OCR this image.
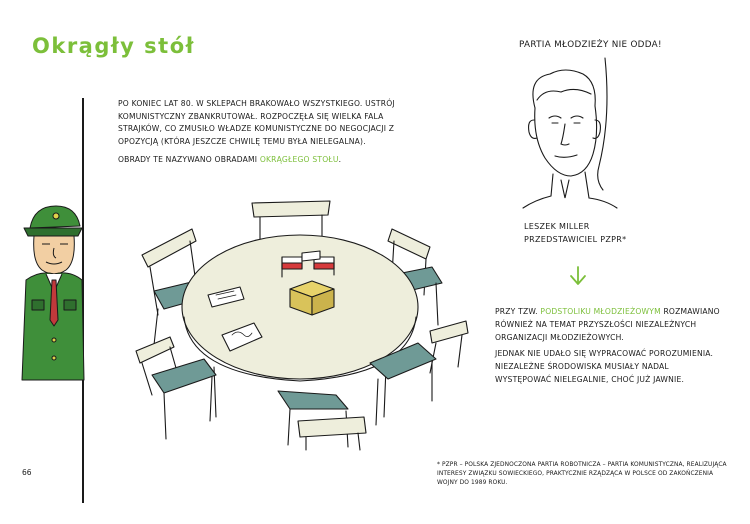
Okrągły stół

PO KONIEC LAT 80. W SKLEPACH BRAKOWAŁO WSZYSTKIEGO. USTRÓJ KOMUNISTYCZNY ZBANKRUTOWAŁ. ROZPOCZĘŁA SIĘ WIELKA FALA STRAJKÓW, CO ZMUSIŁO WŁADZE KOMUNISTYCZNE DO NEGOCJACJI Z OPOZYCJĄ (KTÓRA JESZCZE CHWILĘ TEMU BYŁA NIELEGALNA).

OBRADY TE NAZYWANO OBRADAMI OKRĄGŁEGO STOŁU.

PARTIA MŁODZIEŻY NIE ODDA!
LESZEK MILLER
PRZEDSTAWICIEL PZPR*

PRZY TZW. PODSTOLIKU MŁODZIEŻOWYM ROZMAWIANO RÓWNIEŻ NA TEMAT PRZYSZŁOŚCI NIEZALEŻNYCH ORGANIZACJI MŁODZIEŻOWYCH.

JEDNAK NIE UDAŁO SIĘ WYPRACOWAĆ POROZUMIENIA. NIEZALEŻNE ŚRODOWISKA MUSIAŁY NADAL WYSTĘPOWAĆ NIELEGALNIE, CHOĆ JUŻ JAWNIE.

* PZPR – POLSKA ZJEDNOCZONA PARTIA ROBOTNICZA – PARTIA KOMUNISTYCZNA, REALIZUJĄCA INTERESY ZWIĄZKU SOWIECKIEGO, PRAKTYCZNIE RZĄDZĄCA W POLSCE OD ZAKOŃCZENIA WOJNY DO 1989 ROKU.
66
